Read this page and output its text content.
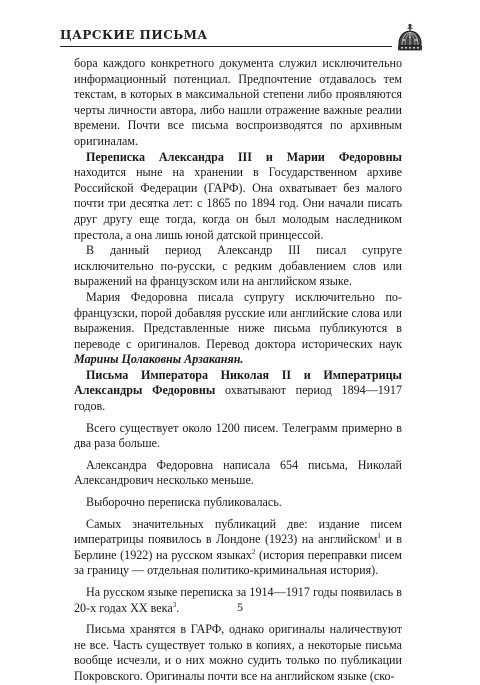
ЦАРСКИЕ ПИСЬМА

бора каждого конкретного документа служил исключительно информационный потенциал. Предпочтение отдавалось тем текстам, в которых в максимальной степени либо проявляются черты личности автора, либо нашли отражение важные реалии времени. Почти все письма воспроизводятся по архивным оригиналам.

Переписка Александра III и Марии Федоровны находится ныне на хранении в Государственном архиве Российской Федерации (ГАРФ). Она охватывает без малого почти три десятка лет: с 1865 по 1894 год. Они начали писать друг другу еще тогда, когда он был молодым наследником престола, а она лишь юной датской принцессой.

В данный период Александр III писал супруге исключительно по-русски, с редким добавлением слов или выражений на французском или на английском языке.

Мария Федоровна писала супругу исключительно по-французски, порой добавляя русские или английские слова или выражения. Представленные ниже письма публикуются в переводе с оригиналов. Перевод доктора исторических наук Марины Цолаковны Арзаканян.

Письма Императора Николая II и Императрицы Александры Федоровны охватывают период 1894—1917 годов.

Всего существует около 1200 писем. Телеграмм примерно в два раза больше.

Александра Федоровна написала 654 письма, Николай Александрович несколько меньше.

Выборочно переписка публиковалась.

Самых значительных публикаций две: издание писем императрицы появилось в Лондоне (1923) на английском$^1$ и в Берлине (1922) на русском языках$^2$ (история переправки писем за границу — отдельная политико-криминальная история).

На русском языке переписка за 1914—1917 годы появилась в 20-х годах XX века$^3$.

Письма хранятся в ГАРФ, однако оригиналы наличествуют не все. Часть существует только в копиях, а некоторые письма вообще исчезли, и о них можно судить только по публикации Покровского. Оригиналы почти все на английском языке (ско-

5
